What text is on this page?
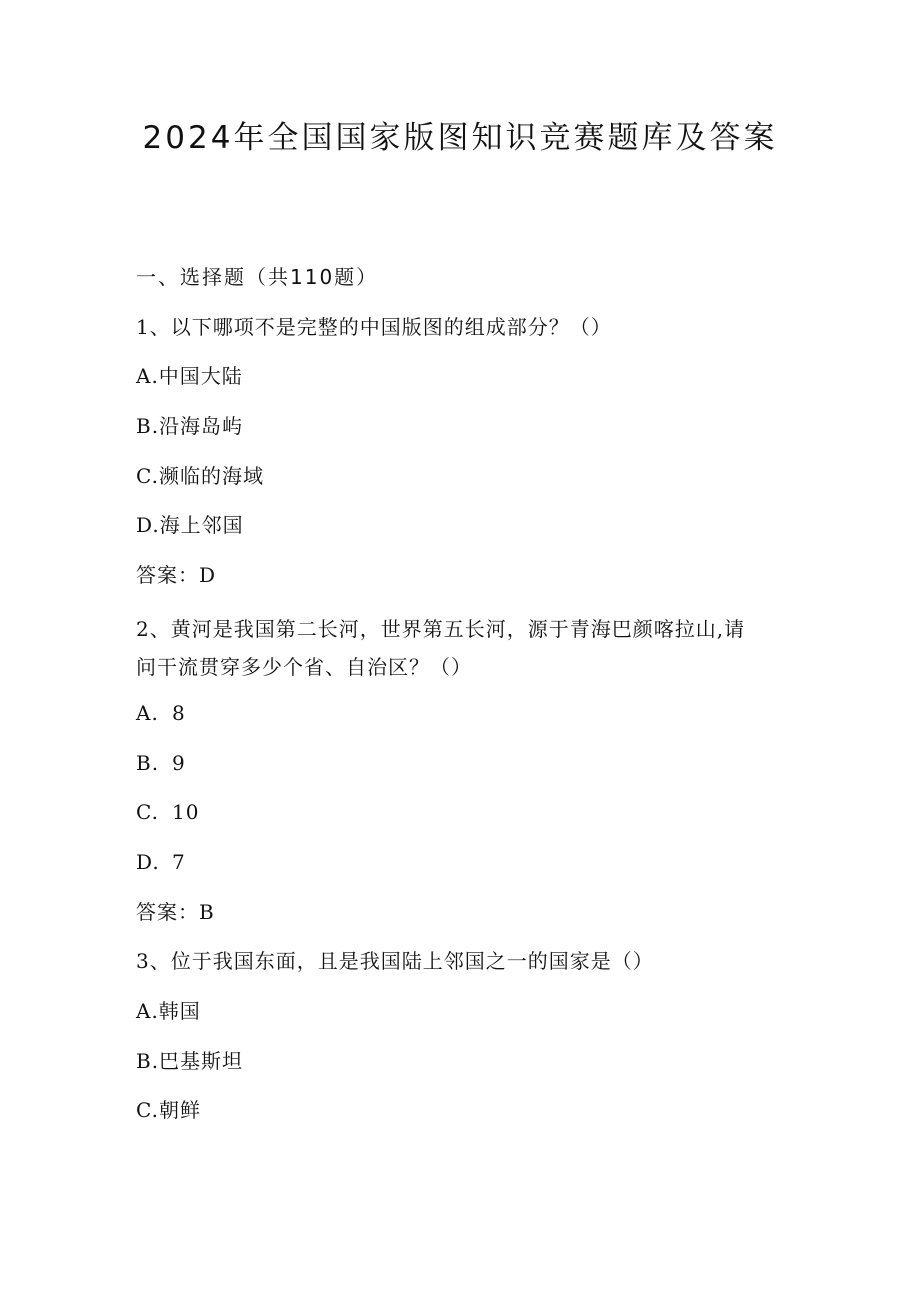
2024年全国国家版图知识竞赛题库及答案
一、选择题（共110题）
1、以下哪项不是完整的中国版图的组成部分？（）
A.中国大陆
B.沿海岛屿
C.濒临的海域
D.海上邻国
答案：D
2、黄河是我国第二长河，世界第五长河，源于青海巴颜喀拉山,请
问干流贯穿多少个省、自治区？（）
A. 8
B. 9
C. 10
D. 7
答案：B
3、位于我国东面，且是我国陆上邻国之一的国家是（）
A.韩国
B.巴基斯坦
C.朝鲜
